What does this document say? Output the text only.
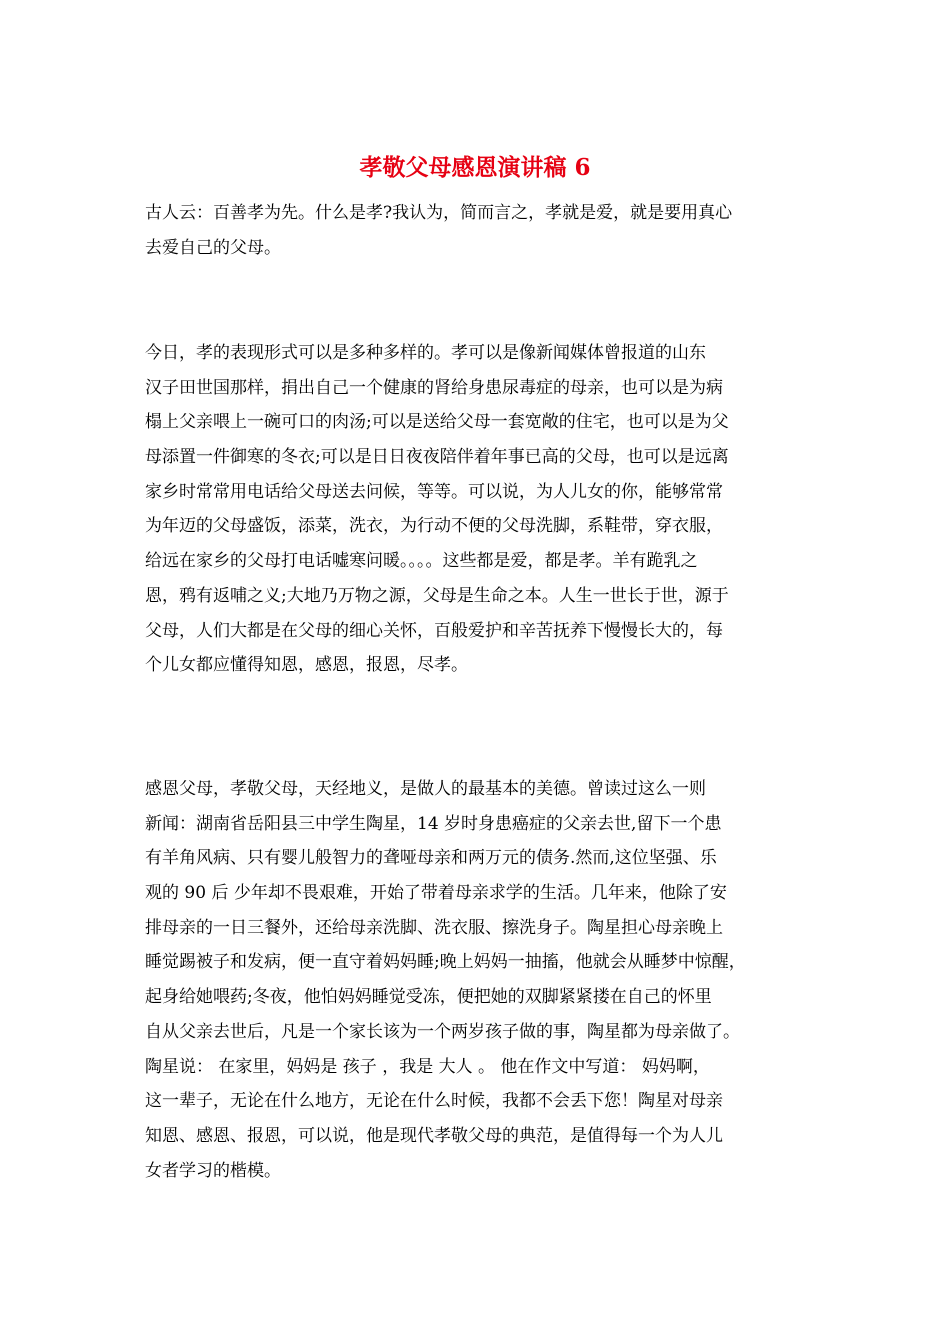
孝敬父母感恩演讲稿 6
古人云：百善孝为先。什么是孝?我认为，简而言之，孝就是爱，就是要用真心
去爱自己的父母。
今日，孝的表现形式可以是多种多样的。孝可以是像新闻媒体曾报道的山东
汉子田世国那样，捐出自己一个健康的肾给身患尿毒症的母亲，也可以是为病
榻上父亲喂上一碗可口的肉汤;可以是送给父母一套宽敞的住宅，也可以是为父
母添置一件御寒的冬衣;可以是日日夜夜陪伴着年事已高的父母，也可以是远离
家乡时常常用电话给父母送去问候，等等。可以说，为人儿女的你，能够常常
为年迈的父母盛饭，添菜，洗衣，为行动不便的父母洗脚，系鞋带，穿衣服，
给远在家乡的父母打电话嘘寒问暖。。。。这些都是爱，都是孝。羊有跪乳之
恩，鸦有返哺之义;大地乃万物之源，父母是生命之本。人生一世长于世，源于
父母，人们大都是在父母的细心关怀，百般爱护和辛苦抚养下慢慢长大的，每
个儿女都应懂得知恩，感恩，报恩，尽孝。
感恩父母，孝敬父母，天经地义，是做人的最基本的美德。曾读过这么一则
新闻：湖南省岳阳县三中学生陶星，14 岁时身患癌症的父亲去世,留下一个患
有羊角风病、只有婴儿般智力的聋哑母亲和两万元的债务.然而,这位坚强、乐
观的 90 后 少年却不畏艰难，开始了带着母亲求学的生活。几年来，他除了安
排母亲的一日三餐外，还给母亲洗脚、洗衣服、擦洗身子。陶星担心母亲晚上
睡觉踢被子和发病，便一直守着妈妈睡;晚上妈妈一抽搐，他就会从睡梦中惊醒，
起身给她喂药;冬夜，他怕妈妈睡觉受冻，便把她的双脚紧紧搂在自己的怀里
自从父亲去世后，凡是一个家长该为一个两岁孩子做的事，陶星都为母亲做了。
陶星说： 在家里，妈妈是 孩子 ，我是 大人 。 他在作文中写道： 妈妈啊，
这一辈子，无论在什么地方，无论在什么时候，我都不会丢下您！陶星对母亲
知恩、感恩、报恩，可以说，他是现代孝敬父母的典范，是值得每一个为人儿
女者学习的楷模。
